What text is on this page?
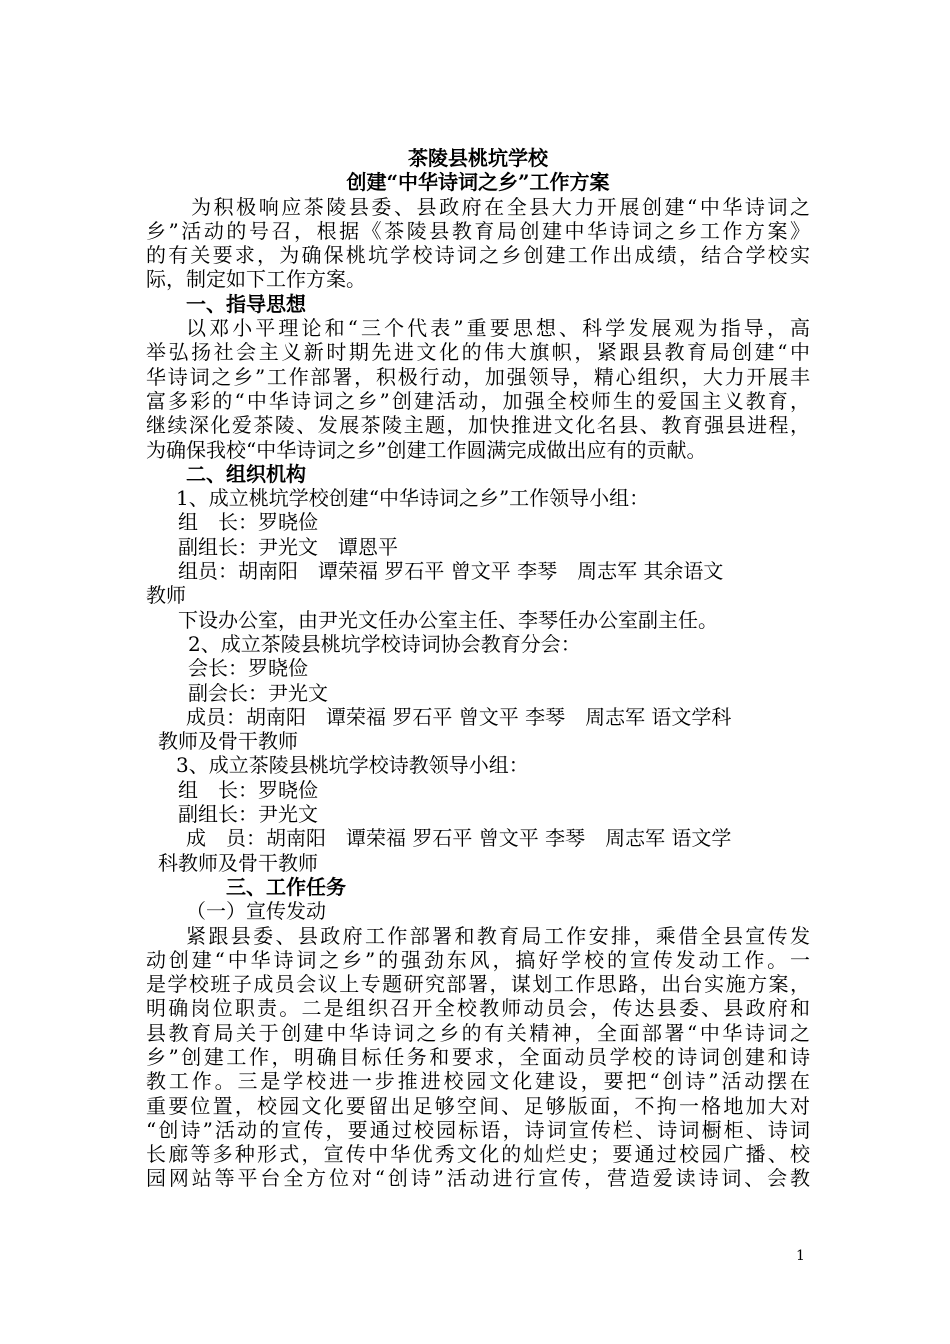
茶陵县桃坑学校
创建“中华诗词之乡”工作方案
　　为积极响应茶陵县委、县政府在全县大力开展创建“中华诗词之
乡”活动的号召，根据《茶陵县教育局创建中华诗词之乡工作方案》
的有关要求，为确保桃坑学校诗词之乡创建工作出成绩，结合学校实
际，制定如下工作方案。
一、指导思想
以邓小平理论和“三个代表”重要思想、科学发展观为指导，高
举弘扬社会主义新时期先进文化的伟大旗帜，紧跟县教育局创建“中
华诗词之乡”工作部署，积极行动，加强领导，精心组织，大力开展丰
富多彩的“中华诗词之乡”创建活动，加强全校师生的爱国主义教育，
继续深化爱茶陵、发展茶陵主题，加快推进文化名县、教育强县进程，
为确保我校“中华诗词之乡”创建工作圆满完成做出应有的贡献。
二、组织机构
1、成立桃坑学校创建“中华诗词之乡”工作领导小组：
组　长：罗晓俭
副组长：尹光文　谭恩平
组员：胡南阳　谭荣福 罗石平 曾文平 李琴　周志军 其余语文
教师
下设办公室，由尹光文任办公室主任、李琴任办公室副主任。
2、成立茶陵县桃坑学校诗词协会教育分会：
会长：罗晓俭
副会长：尹光文
成员：胡南阳　谭荣福 罗石平 曾文平 李琴　周志军 语文学科
教师及骨干教师
3、成立茶陵县桃坑学校诗教领导小组：
组　长：罗晓俭
副组长：尹光文
成　员：胡南阳　谭荣福 罗石平 曾文平 李琴　周志军 语文学
科教师及骨干教师
三、工作任务
（一）宣传发动
紧跟县委、县政府工作部署和教育局工作安排，乘借全县宣传发
动创建“中华诗词之乡”的强劲东风，搞好学校的宣传发动工作。一
是学校班子成员会议上专题研究部署，谋划工作思路，出台实施方案，
明确岗位职责。二是组织召开全校教师动员会，传达县委、县政府和
县教育局关于创建中华诗词之乡的有关精神，全面部署“中华诗词之
乡”创建工作，明确目标任务和要求，全面动员学校的诗词创建和诗
教工作。三是学校进一步推进校园文化建设，要把“创诗”活动摆在
重要位置，校园文化要留出足够空间、足够版面，不拘一格地加大对
“创诗”活动的宣传，要通过校园标语，诗词宣传栏、诗词橱柜、诗词
长廊等多种形式，宣传中华优秀文化的灿烂史；要通过校园广播、校
园网站等平台全方位对“创诗”活动进行宣传，营造爱读诗词、会教
1
